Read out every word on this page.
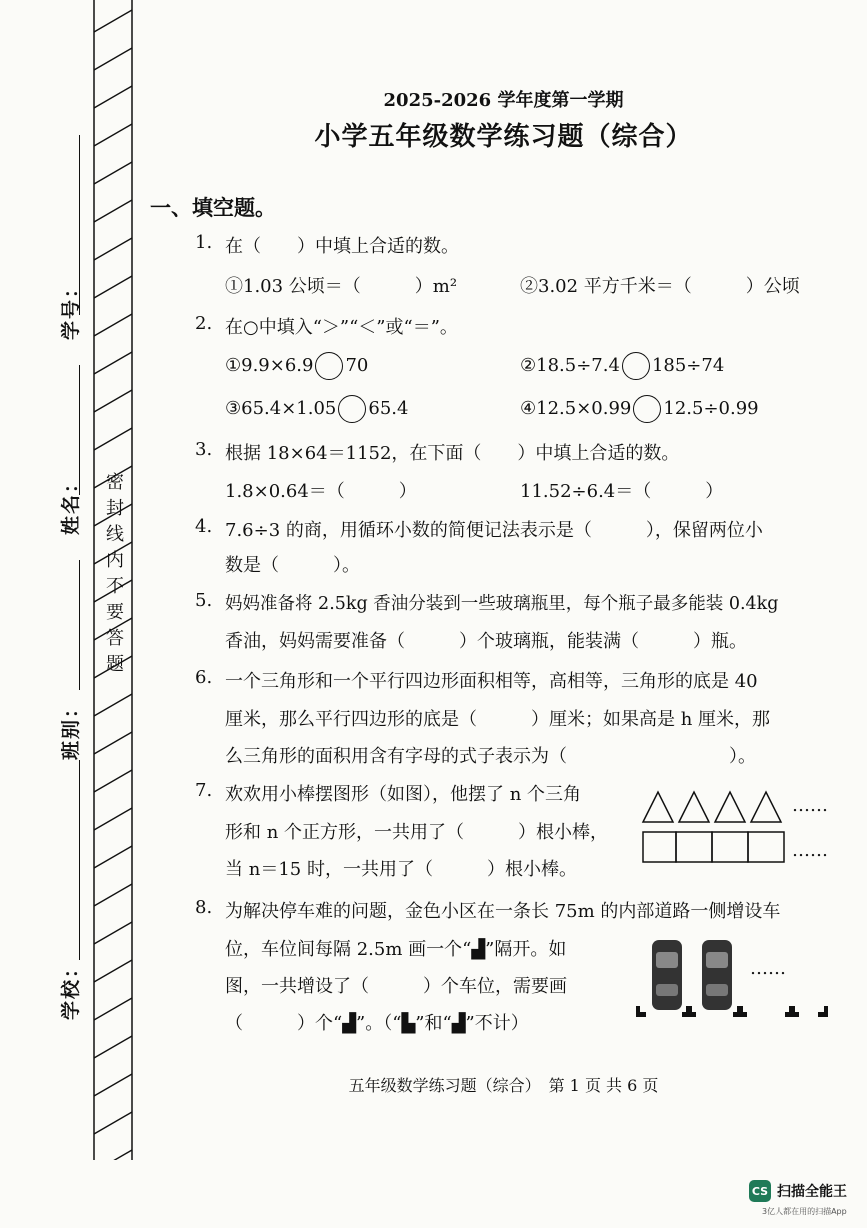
学校：
班别：
姓名：
学号：
密
封
线
内
不
要
答
题
2025-2026 学年度第一学期
小学五年级数学练习题（综合）
一、填空题。
1. 在（　　）中填上合适的数。
①1.03 公顷＝（　　　）m²	②3.02 平方千米＝（　　　）公顷
2. 在○中填入“＞”“＜”或“＝”。
①9.9×6.9 70	②18.5÷7.4 185÷74
③65.4×1.05 65.4	④12.5×0.99 12.5÷0.99
3. 根据 18×64＝1152，在下面（　　）中填上合适的数。
1.8×0.64＝（　　　）	11.52÷6.4＝（　　　）
4. 7.6÷3 的商，用循环小数的简便记法表示是（　　　），保留两位小
数是（　　　）。
5. 妈妈准备将 2.5kg 香油分装到一些玻璃瓶里，每个瓶子最多能装 0.4kg
香油，妈妈需要准备（　　　）个玻璃瓶，能装满（　　　）瓶。
6. 一个三角形和一个平行四边形面积相等，高相等，三角形的底是 40
厘米，那么平行四边形的底是（　　　）厘米；如果高是 h 厘米，那
么三角形的面积用含有字母的式子表示为（　　　　　　　　　）。
7. 欢欢用小棒摆图形（如图），他摆了 n 个三角
形和 n 个正方形，一共用了（　　　）根小棒，
当 n＝15 时，一共用了（　　　）根小棒。
……
……
8. 为解决停车难的问题，金色小区在一条长 75m 的内部道路一侧增设车
位，车位间每隔 2.5m 画一个“▟”隔开。如
图，一共增设了（　　　）个车位，需要画
（　　　）个“▟”。（“▙”和“▟”不计）
……
五年级数学练习题（综合）　第 1 页 共 6 页
CS 扫描全能王
3亿人都在用的扫描App
